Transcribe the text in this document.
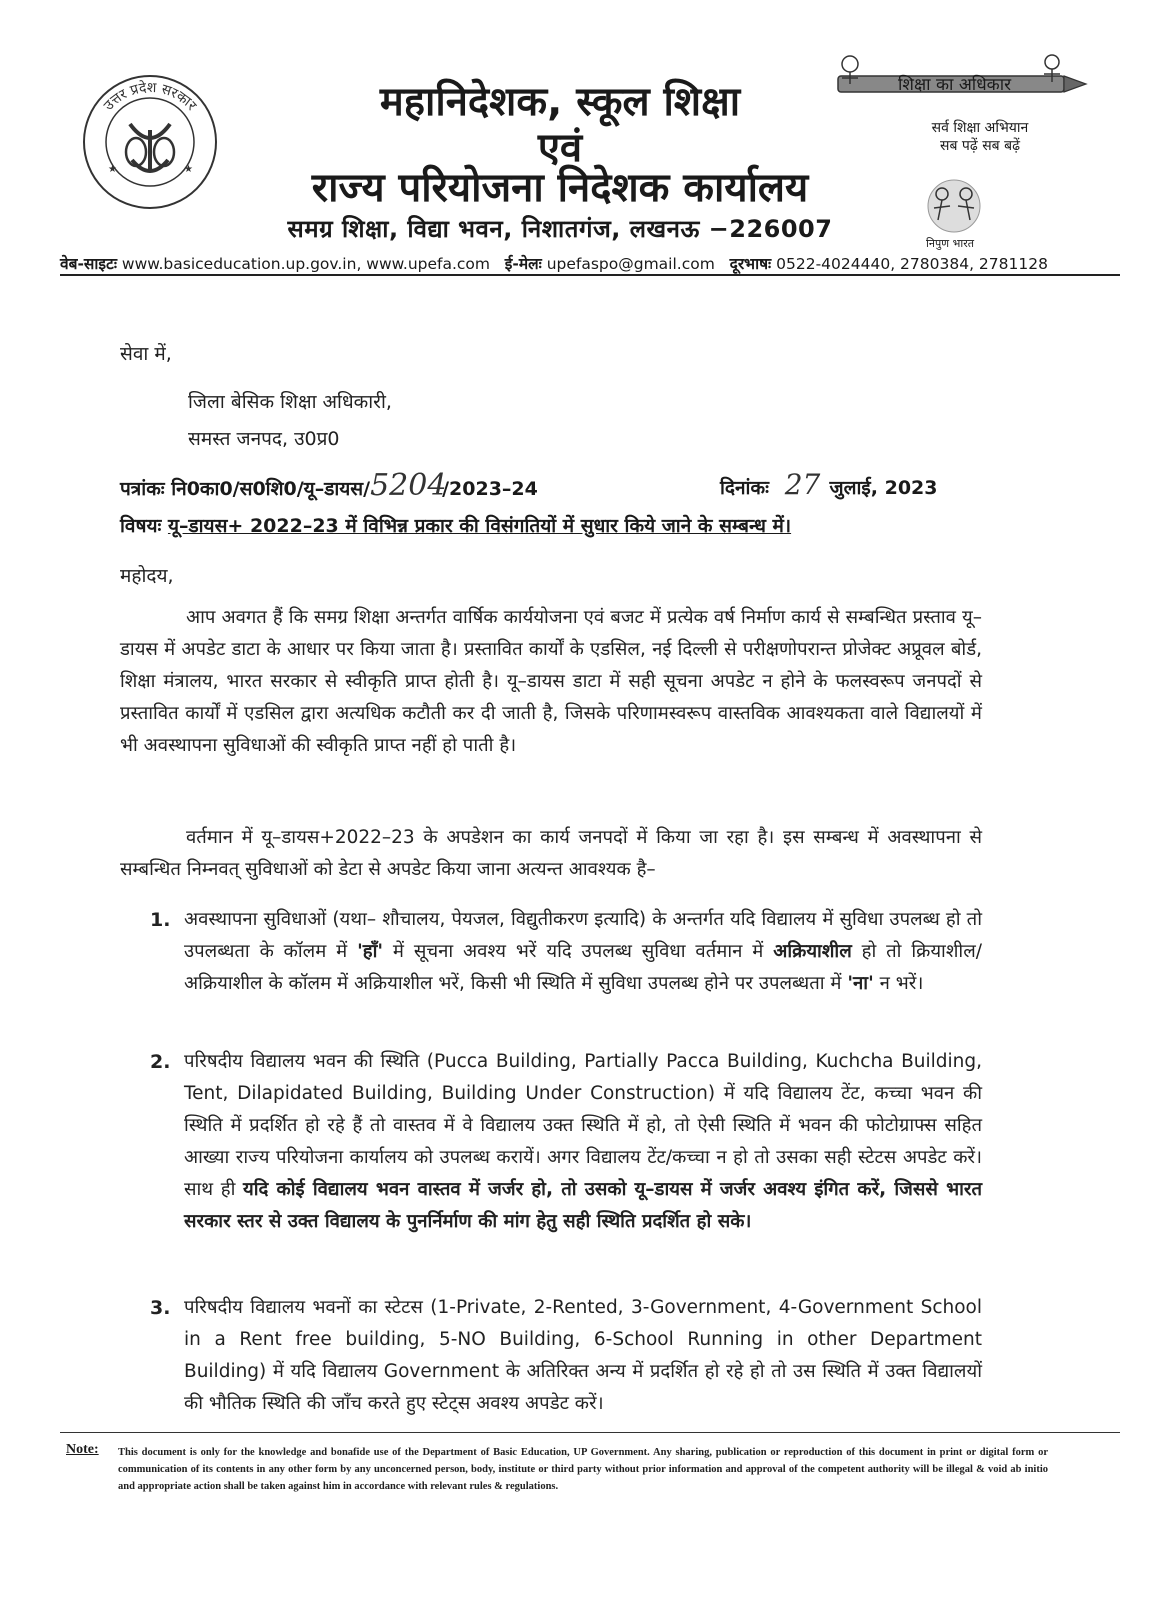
उत्तर प्रदेश सरकार
★	★
महानिदेशक, स्कूल शिक्षा
एवं
राज्य परियोजना निदेशक कार्यालय
समग्र शिक्षा, विद्या भवन, निशातगंज, लखनऊ −226007
शिक्षा का अधिकार
सर्व शिक्षा अभियान
सब पढ़ें सब बढ़ें
निपुण भारत
वेब-साइटः www.basiceducation.up.gov.in, www.upefa.com ई-मेलः upefaspo@gmail.com दूरभाषः 0522-4024440, 2780384, 2781128
सेवा में,
जिला बेसिक शिक्षा अधिकारी,
समस्त जनपद, उ0प्र0
पत्रांकः नि0का0/स0शि0/यू–डायस/5204/2023–24	दिनांकः 27 जुलाई, 2023
विषयः यू–डायस+ 2022–23 में विभिन्न प्रकार की विसंगतियों में सुधार किये जाने के सम्बन्ध में।
महोदय,
आप अवगत हैं कि समग्र शिक्षा अन्तर्गत वार्षिक कार्ययोजना एवं बजट में प्रत्येक वर्ष निर्माण कार्य से सम्बन्धित प्रस्ताव यू–डायस में अपडेट डाटा के आधार पर किया जाता है। प्रस्तावित कार्यों के एडसिल, नई दिल्ली से परीक्षणोपरान्त प्रोजेक्ट अप्रूवल बोर्ड, शिक्षा मंत्रालय, भारत सरकार से स्वीकृति प्राप्त होती है। यू–डायस डाटा में सही सूचना अपडेट न होने के फलस्वरूप जनपदों से प्रस्तावित कार्यों में एडसिल द्वारा अत्यधिक कटौती कर दी जाती है, जिसके परिणामस्वरूप वास्तविक आवश्यकता वाले विद्यालयों में भी अवस्थापना सुविधाओं की स्वीकृति प्राप्त नहीं हो पाती है।
वर्तमान में यू–डायस+2022–23 के अपडेशन का कार्य जनपदों में किया जा रहा है। इस सम्बन्ध में अवस्थापना से सम्बन्धित निम्नवत् सुविधाओं को डेटा से अपडेट किया जाना अत्यन्त आवश्यक है–
1. अवस्थापना सुविधाओं (यथा– शौचालय, पेयजल, विद्युतीकरण इत्यादि) के अन्तर्गत यदि विद्यालय में सुविधा उपलब्ध हो तो उपलब्धता के कॉलम में 'हाँ' में सूचना अवश्य भरें यदि उपलब्ध सुविधा वर्तमान में अक्रियाशील हो तो क्रियाशील/अक्रियाशील के कॉलम में अक्रियाशील भरें, किसी भी स्थिति में सुविधा उपलब्ध होने पर उपलब्धता में 'ना' न भरें।
2. परिषदीय विद्यालय भवन की स्थिति (Pucca Building, Partially Pacca Building, Kuchcha Building, Tent, Dilapidated Building, Building Under Construction) में यदि विद्यालय टेंट, कच्चा भवन की स्थिति में प्रदर्शित हो रहे हैं तो वास्तव में वे विद्यालय उक्त स्थिति में हो, तो ऐसी स्थिति में भवन की फोटोग्राफ्स सहित आख्या राज्य परियोजना कार्यालय को उपलब्ध करायें। अगर विद्यालय टेंट/कच्चा न हो तो उसका सही स्टेटस अपडेट करें। साथ ही यदि कोई विद्यालय भवन वास्तव में जर्जर हो, तो उसको यू–डायस में जर्जर अवश्य इंगित करें, जिससे भारत सरकार स्तर से उक्त विद्यालय के पुनर्निर्माण की मांग हेतु सही स्थिति प्रदर्शित हो सके।
3. परिषदीय विद्यालय भवनों का स्टेटस (1-Private, 2-Rented, 3-Government, 4-Government School in a Rent free building, 5-NO Building, 6-School Running in other Department Building) में यदि विद्यालय Government के अतिरिक्त अन्य में प्रदर्शित हो रहे हो तो उस स्थिति में उक्त विद्यालयों की भौतिक स्थिति की जाँच करते हुए स्टेट्स अवश्य अपडेट करें।
Note: This document is only for the knowledge and bonafide use of the Department of Basic Education, UP Government. Any sharing, publication or reproduction of this document in print or digital form or communication of its contents in any other form by any unconcerned person, body, institute or third party without prior information and approval of the competent authority will be illegal & void ab initio and appropriate action shall be taken against him in accordance with relevant rules & regulations.
